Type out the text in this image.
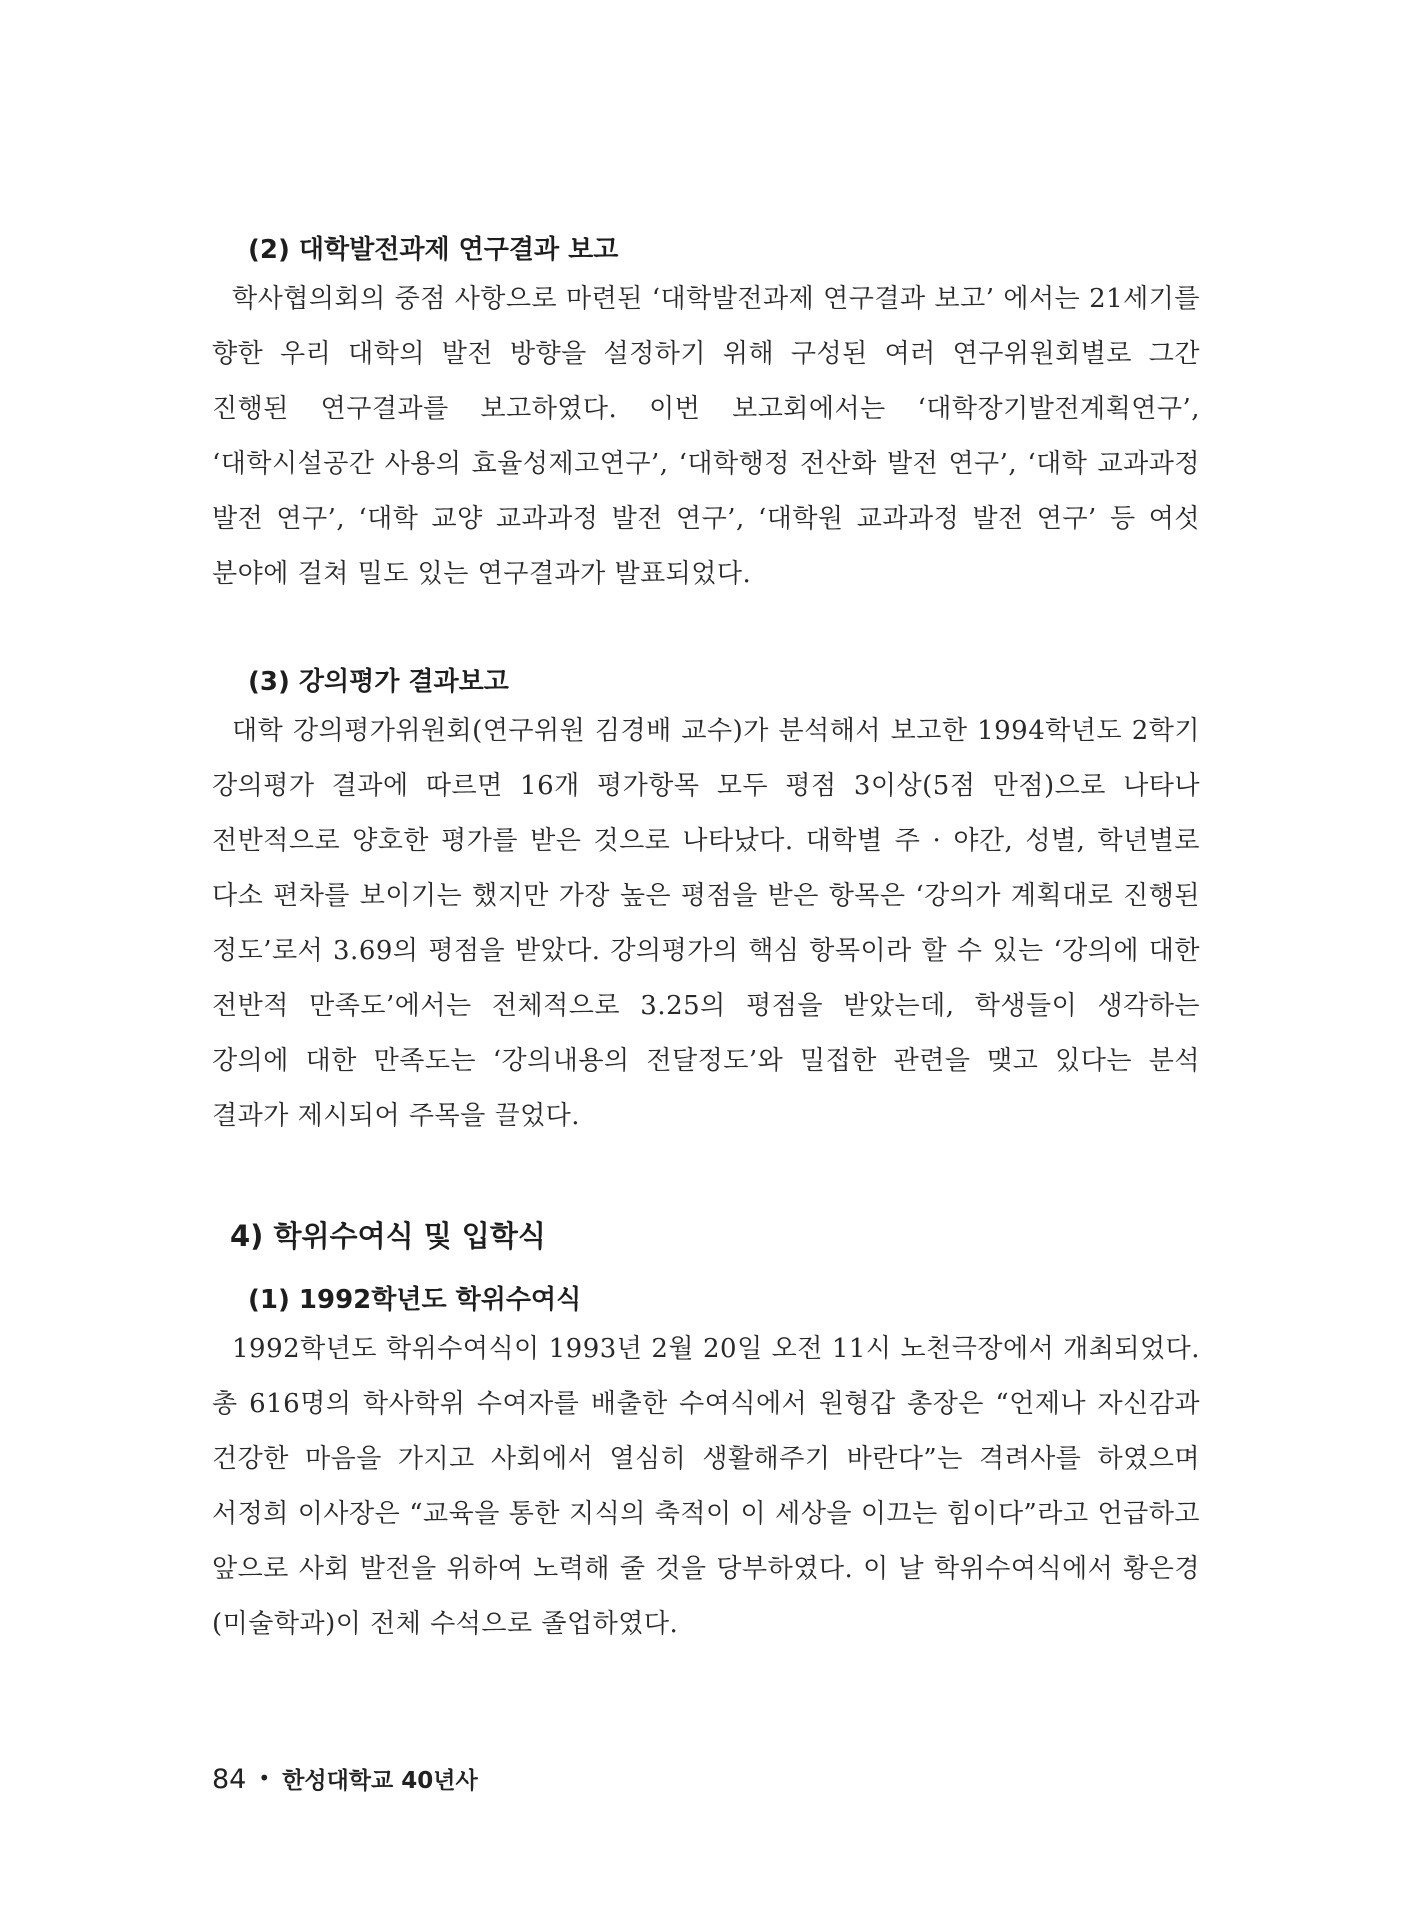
(2) 대학발전과제 연구결과 보고

학사협의회의 중점 사항으로 마련된 ‘대학발전과제 연구결과 보고’ 에서는 21세기를 향한 우리 대학의 발전 방향을 설정하기 위해 구성된 여러 연구위원회별로 그간 진행된 연구결과를 보고하였다. 이번 보고회에서는 ‘대학장기발전계획연구’, ‘대학시설공간 사용의 효율성제고연구’, ‘대학행정 전산화 발전 연구’, ‘대학 교과과정 발전 연구’, ‘대학 교양 교과과정 발전 연구’, ‘대학원 교과과정 발전 연구’ 등 여섯 분야에 걸쳐 밀도 있는 연구결과가 발표되었다.

(3) 강의평가 결과보고

대학 강의평가위원회(연구위원 김경배 교수)가 분석해서 보고한 1994학년도 2학기 강의평가 결과에 따르면 16개 평가항목 모두 평점 3이상(5점 만점)으로 나타나 전반적으로 양호한 평가를 받은 것으로 나타났다. 대학별 주 · 야간, 성별, 학년별로 다소 편차를 보이기는 했지만 가장 높은 평점을 받은 항목은 ‘강의가 계획대로 진행된 정도’로서 3.69의 평점을 받았다. 강의평가의 핵심 항목이라 할 수 있는 ‘강의에 대한 전반적 만족도’에서는 전체적으로 3.25의 평점을 받았는데, 학생들이 생각하는 강의에 대한 만족도는 ‘강의내용의 전달정도’와 밀접한 관련을 맺고 있다는 분석 결과가 제시되어 주목을 끌었다.

4) 학위수여식 및 입학식
(1) 1992학년도 학위수여식

1992학년도 학위수여식이 1993년 2월 20일 오전 11시 노천극장에서 개최되었다. 총 616명의 학사학위 수여자를 배출한 수여식에서 원형갑 총장은 “언제나 자신감과 건강한 마음을 가지고 사회에서 열심히 생활해주기 바란다”는 격려사를 하였으며 서정희 이사장은 “교육을 통한 지식의 축적이 이 세상을 이끄는 힘이다”라고 언급하고 앞으로 사회 발전을 위하여 노력해 줄 것을 당부하였다. 이 날 학위수여식에서 황은경(미술학과)이 전체 수석으로 졸업하였다.

84 • 한성대학교 40년사
